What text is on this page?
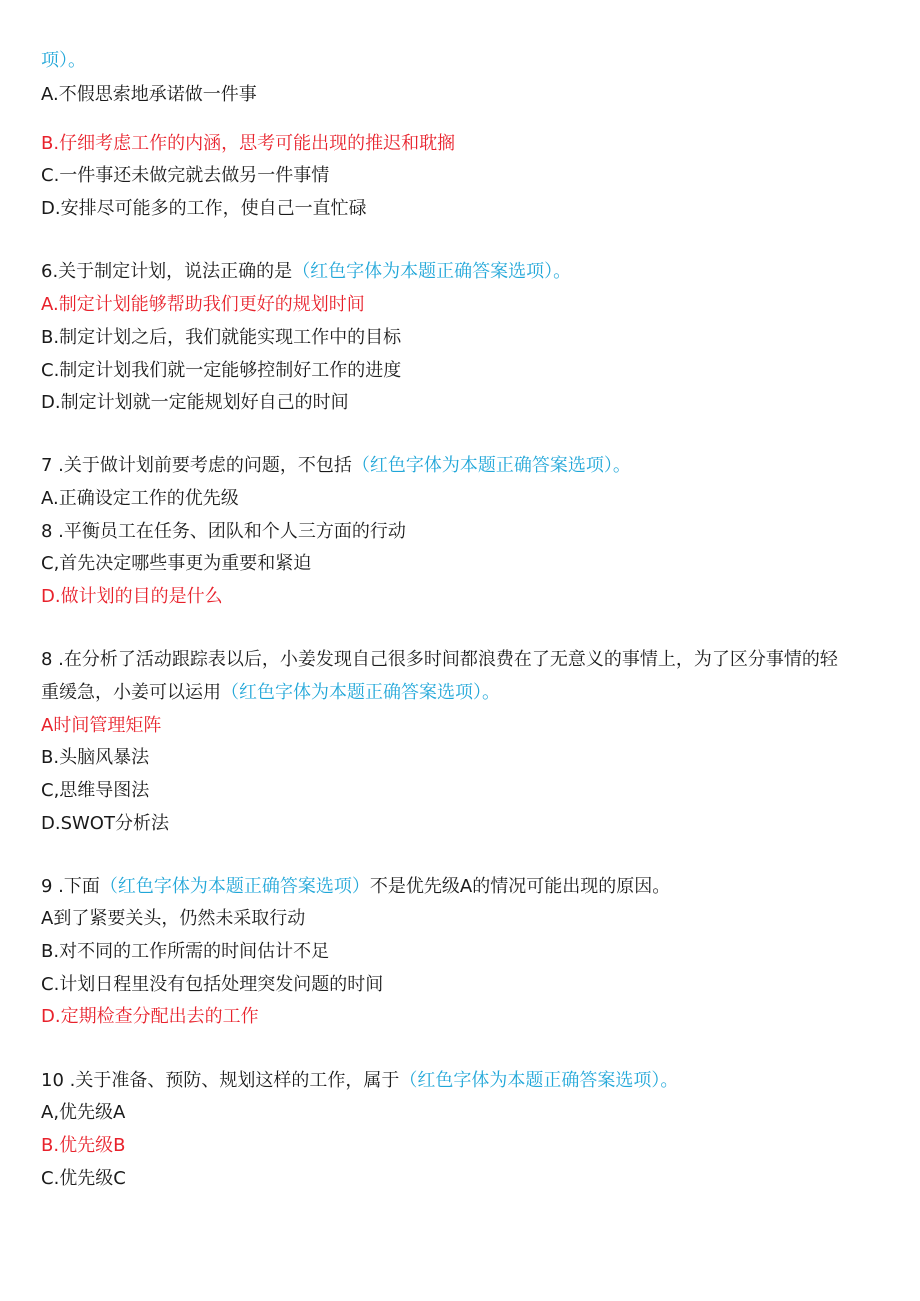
项）。
A.不假思索地承诺做一件事
B.仔细考虑工作的内涵，思考可能出现的推迟和耽搁
C.一件事还未做完就去做另一件事情
D.安排尽可能多的工作，使自己一直忙碌
6.关于制定计划，说法正确的是（红色字体为本题正确答案选项）。
A.制定计划能够帮助我们更好的规划时间
B.制定计划之后，我们就能实现工作中的目标
C.制定计划我们就一定能够控制好工作的进度
D.制定计划就一定能规划好自己的时间
7 .关于做计划前要考虑的问题，不包括（红色字体为本题正确答案选项）。
A.正确设定工作的优先级
8 .平衡员工在任务、团队和个人三方面的行动
C,首先决定哪些事更为重要和紧迫
D.做计划的目的是什么
8 .在分析了活动跟踪表以后，小姜发现自己很多时间都浪费在了无意义的事情上，为了区分事情的轻
重缓急，小姜可以运用（红色字体为本题正确答案选项）。
A时间管理矩阵
B.头脑风暴法
C,思维导图法
D.SWOT分析法
9 .下面（红色字体为本题正确答案选项）不是优先级A的情况可能出现的原因。
A到了紧要关头，仍然未采取行动
B.对不同的工作所需的时间估计不足
C.计划日程里没有包括处理突发问题的时间
D.定期检查分配出去的工作
10 .关于准备、预防、规划这样的工作，属于（红色字体为本题正确答案选项）。
A,优先级A
B.优先级B
C.优先级C
